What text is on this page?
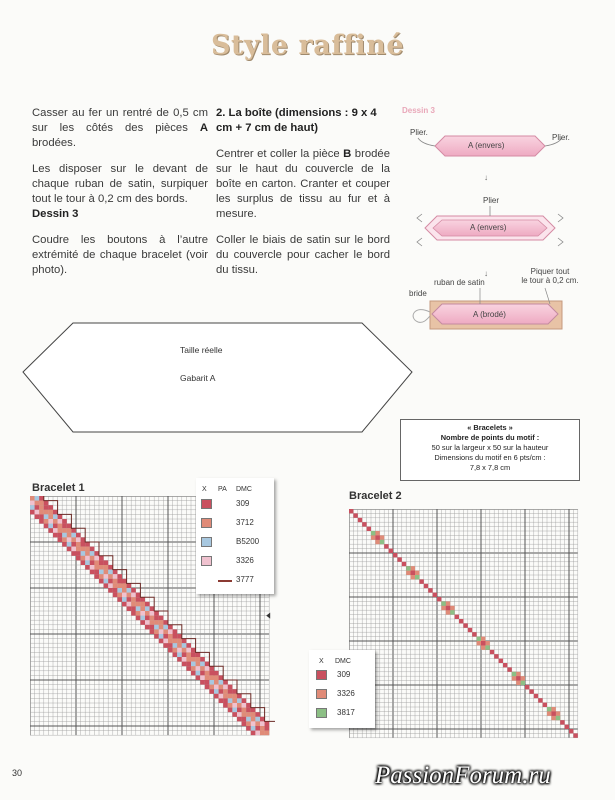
Style raffiné

Casser au fer un rentré de 0,5 cm sur les côtés des pièces A brodées.

Les disposer sur le devant de chaque ruban de satin, surpiquer tout le tour à 0,2 cm des bords.
Dessin 3

Coudre les boutons à l’autre extrémité de chaque bracelet (voir photo).

2. La boîte (dimensions : 9 x 4 cm + 7 cm de haut)

Centrer et coller la pièce B brodée sur le haut du couvercle de la boîte en carton. Cranter et couper les surplus de tissu au fur et à mesure.

Coller le biais de satin sur le bord du couvercle pour cacher le bord du tissu.

Dessin 3
↓
↓
Plier.
Plier.
A (envers)
Plier
A (envers)
ruban de satin
Piquer tout
le tour à 0,2 cm.
bride
A (brodé)
Taille réelle
Gabarit A
« Bracelets »
Nombre de points du motif :
50 sur la largeur x 50 sur la hauteur
Dimensions du motif en 6 pts/cm :
7,8 x 7,8 cm
Bracelet 1	X PA DMC
309
3712
B5200
3326
3777
Bracelet 2
X DMC
309
3326
3817
30	PassionForum.ru
